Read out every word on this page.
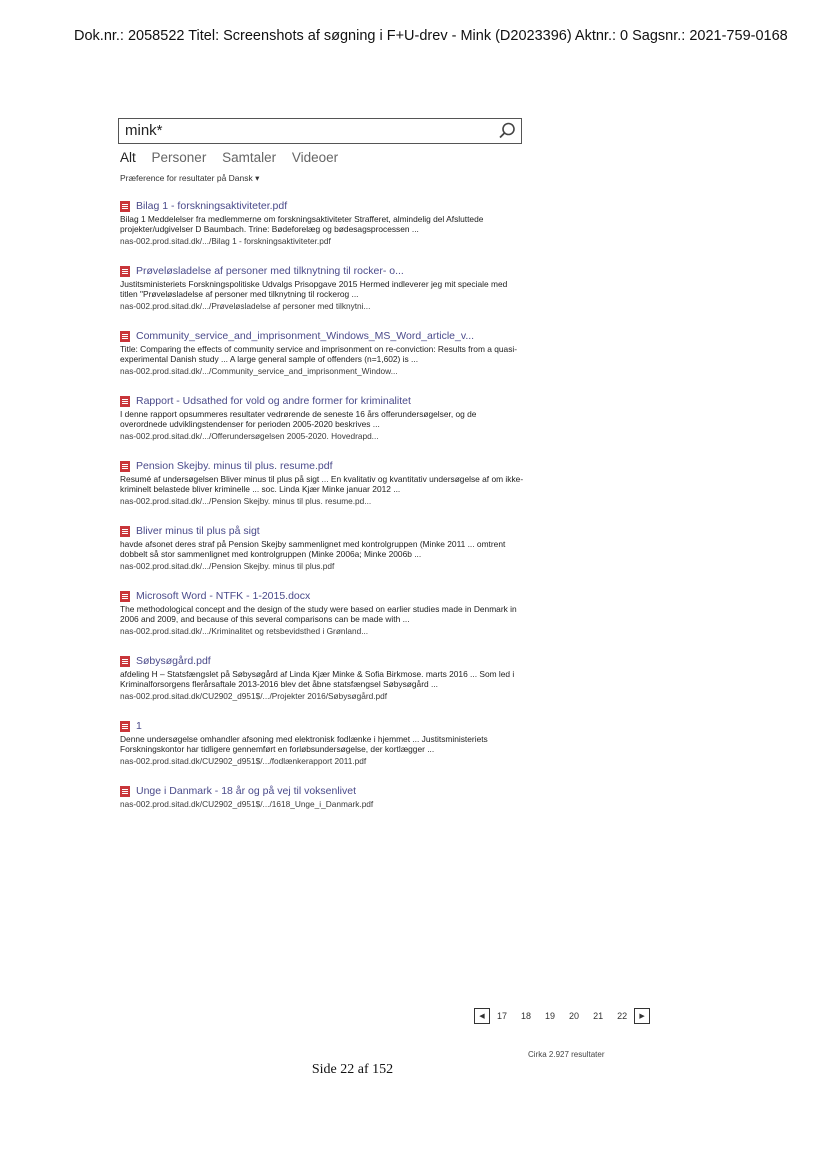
Dok.nr.: 2058522 Titel: Screenshots af søgning i F+U-drev - Mink (D2023396) Aktnr.: 0 Sagsnr.: 2021-759-0168
mink*
Alt Personer Samtaler Videoer
Præference for resultater på Dansk ▾
Bilag 1 - forskningsaktiviteter.pdf
Bilag 1 Meddelelser fra medlemmerne om forskningsaktiviteter Strafferet, almindelig del Afsluttede projekter/udgivelser D Baumbach. Trine: Bødeforelæg og bødesagsprocessen ...
nas-002.prod.sitad.dk/.../Bilag 1 - forskningsaktiviteter.pdf
Prøveløsladelse af personer med tilknytning til rocker- o...
Justitsministeriets Forskningspolitiske Udvalgs Prisopgave 2015 Hermed indleverer jeg mit speciale med titlen "Prøveløsladelse af personer med tilknytning til rockerog ...
nas-002.prod.sitad.dk/.../Prøveløsladelse af personer med tilknytni...
Community_service_and_imprisonment_Windows_MS_Word_article_v...
Title: Comparing the effects of community service and imprisonment on re-conviction: Results from a quasi-experimental Danish study ... A large general sample of offenders (n=1,602) is ...
nas-002.prod.sitad.dk/.../Community_service_and_imprisonment_Window...
Rapport - Udsathed for vold og andre former for kriminalitet
I denne rapport opsummeres resultater vedrørende de seneste 16 års offerundersøgelser, og de overordnede udviklingstendenser for perioden 2005-2020 beskrives ...
nas-002.prod.sitad.dk/.../Offerundersøgelsen 2005-2020. Hovedrapd...
Pension Skejby. minus til plus. resume.pdf
Resumé af undersøgelsen Bliver minus til plus på sigt ... En kvalitativ og kvantitativ undersøgelse af om ikke-kriminelt belastede bliver kriminelle ... soc. Linda Kjær Minke januar 2012 ...
nas-002.prod.sitad.dk/.../Pension Skejby. minus til plus. resume.pd...
Bliver minus til plus på sigt
havde afsonet deres straf på Pension Skejby sammenlignet med kontrolgruppen (Minke 2011 ... omtrent dobbelt så stor sammenlignet med kontrolgruppen (Minke 2006a; Minke 2006b ...
nas-002.prod.sitad.dk/.../Pension Skejby. minus til plus.pdf
Microsoft Word - NTFK - 1-2015.docx
The methodological concept and the design of the study were based on earlier studies made in Denmark in 2006 and 2009, and because of this several comparisons can be made with ...
nas-002.prod.sitad.dk/.../Kriminalitet og retsbevidsthed i Grønland...
Søbysøgård.pdf
afdeling H – Statsfængslet på Søbysøgård af Linda Kjær Minke & Sofia Birkmose. marts 2016 ... Som led i Kriminalforsorgens flerårsaftale 2013-2016 blev det åbne statsfængsel Søbysøgård ...
nas-002.prod.sitad.dk/CU2902_d951$/.../Projekter 2016/Søbysøgård.pdf
1
Denne undersøgelse omhandler afsoning med elektronisk fodlænke i hjemmet ... Justitsministeriets Forskningskontor har tidligere gennemført en forløbsundersøgelse, der kortlægger ...
nas-002.prod.sitad.dk/CU2902_d951$/.../fodlænkerapport 2011.pdf
Unge i Danmark - 18 år og på vej til voksenlivet
nas-002.prod.sitad.dk/CU2902_d951$/.../1618_Unge_i_Danmark.pdf
◀ 17 18 19 20 21 22 ▶
Cirka 2.927 resultater
Side 22 af 152
